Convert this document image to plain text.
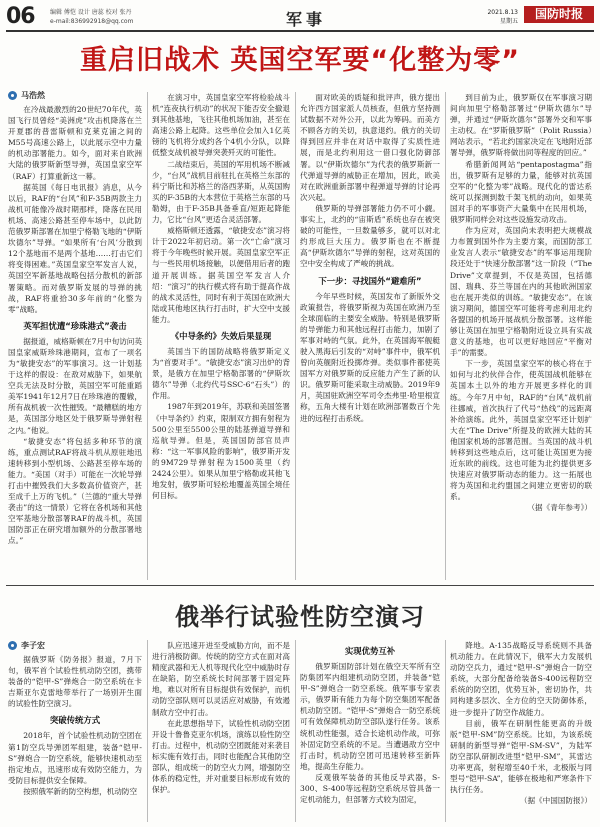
06	编辑 傅恺 设计 唐蕊 校对 张丹
e-mail:836992918@qq.com	军事	2021.8.13
星期五
国防时报
重启旧战术 英国空军要“化整为零”
马浩然

在冷战最激烈的20世纪70年代，英国飞行员曾经“美洲虎”攻击机降落在兰开夏郡的普雷斯顿和克莱克浦之间的M55号高速公路上，以此展示空中力量的机动部署能力。如今，面对来自欧洲大陆的俄罗斯新型导弹，英国皇家空军（RAF）打算重新这一幕。

据英国《每日电讯报》消息，从今以后，RAF的“台风”和F-35B两款主力战机可能像冷战时期那样，降落在民用机场、高速公路甚至停车场中，以此防范俄罗斯部署在加里宁格勒飞地的“伊斯坎德尔”导弹。“如果所有‘台风’分散到12个基地而不是两个基地……打击它们将变得困难。”英国皇家空军发言人说，英国空军新基地战略包括分散机的新部署策略。而对俄罗斯发展的导弹的挑战，RAF将重拾30多年前的“化整为零”战略。

英军担忧遭“珍珠港式”袭击

据报道，威格斯顿在7月中旬访问英国皇家威斯珍珠港期间，宣布了一项名为“敏捷安态”的军事演习。这一计划基于这样的假设：在敌对威胁下，如果航空兵无法及时分散，英国空军可能重蹈美军1941年12月7日在珍珠港的覆辙，所有战机被一次性摧毁。“最糟糕的地方是，英国部分地区处于俄罗斯导弹射程之内。”他说。

“敏捷安态”将包括多种环节的演练，重点测试RAF将战斗机从原驻地迅速转移到小型机场、公路甚至停车场的能力。“美国（对手）可能在一次轮导弹打击中摧毁我们大多数高价值资产，甚至成千上万的飞机。”（兰德的“重大导弹袭击”的这一情景）它将在各机场和其他空军基地分散部署RAF的战斗机，英国国防部正在研究增加额外的分散部署地点。”

在演习中，英国皇家空军将检验战斗机“连夜执行机动”的状况下能否安全撤退到其他基地，飞往其他机场加油，甚至在高速公路上起降。这些单位会加入1亿英镑的飞机将分成约各个4机小分队，以降低整支战机被导弹突袭歼灭的可能性。

二战结束后，英国的军用机场不断减少，“台风”战机目前驻扎在英格兰东部的科宁斯比和苏格兰的洛西茅斯，从英国购买的F-35B的大本营位于英格兰东部的马勒姆，由于F-35B具备垂直/短距起降能力，它比“台风”更适合灵活部署。

威格斯顿还透露，“敏捷安态”演习将计于2022年初启动。第一次“亡命”演习将于今年晚些时候开展。英国皇家空军正与一些民用机场接触，以便借用后者的跑道开展训练。据英国空军发言人介绍：“演习”的执行模式将有助于提高作战的战术灵活性，同时有利于英国在欧洲大陆或其他地区执行打击时，扩大空中支援能力。

《中导条约》失效后果显现

英国当下的国防战略将俄罗斯定义为“首要对手”。“敏捷安态”演习出炉的背景，是俄方在加里宁格勒部署的“伊斯坎德尔”导弹（北约代号SSC-6“石头”）的作用。

1987年到2019年，苏联和美国签署《中导条约》约束，限制双方拥有射程为500公里至5500公里的陆基弹道导弹和巡航导弹。但是，英国国防部官员声称：“这一军事风险的影响”，俄罗斯开发的9M729导弹射程为1500英里（约2424公里）。如果从加里宁格勒或其他飞地发射，俄罗斯可轻松地覆盖英国全境任何目标。

面对欧美的质疑和批评声，俄方提出允许西方国家派人员核查，但俄方坚持测试数据不对外公开，以此为筹码。而美方不顾各方的关切，执意退约。俄方的关切得到回应并非在对话中取得了实质性进展，而是北约利用这一借口强化防御部署。以“伊斯坎德尔”为代表的俄罗斯新一代弹道导弹的威胁正在增加，因此，欧美对在欧洲重新部署中程弹道导弹的讨论再次兴起。

俄罗斯的导弹部署能力仍不可小觑。事实上，北约的“宙斯盾”系统也存在被突破的可能性，一旦数量够多，就可以对北约形成巨大压力。俄罗斯也在不断提高“伊斯坎德尔”导弹的射程，这对英国的空中安全构成了严峻的挑战。

下一步：寻找国外“避难所”

今年早些时候，英国发布了新版外交政策报告，将俄罗斯视为英国在欧洲乃至全球面临的主要安全威胁。特别是俄罗斯的导弹能力和其他远程打击能力，加剧了军事对峙的气氛。此外，在英国海军舰艇驶入黑海后引发的“对峙”事件中，俄军机曾向英舰附近投掷炸弹。类似事件都使英国军方对俄罗斯的反应能力产生了新的认识。俄罗斯可能采取主动威胁。2019年9月，英国驻欧洲空军司令杰弗里·哈里根宣称，五角大楼有计划在欧洲部署数百个先进的远程打击系统。

到目前为止，俄罗斯仅在军事演习期间向加里宁格勒部署过“伊斯坎德尔”导弹，并通过“伊斯坎德尔”部署外交和军事主动权。在“罗斯俄罗斯”（Polit Russia）网站表示，“若北约国家决定在飞地附近部署导弹，俄罗斯将做出同等程度的回应。”

希腊新闻网站“pentapostagma”指出，俄罗斯有足够的力量，能够对抗英国空军的“化整为零”战略。现代化的雷达系统可以探测到数千架飞机的动向，如果英国对手的军事资产大量集中在民用机场，俄罗斯同样会对这些设施发动攻击。

作为应对，英国尚未表明把大规模战力布置到国外作为主要方案，而国防部工业发言人表示“敏捷安态”的军事运用现阶段还处于“快速分散部署”这一阶段（“The Drive”文章提到，不仅是英国，包括德国、瑞典、芬兰等国在内的其他欧洲国家也在展开类似的训练。“敏捷安态”。在该演习期间，德国空军可能将考虑利用北约各盟国的机场开展战机分散部署。这样能够让英国在加里宁格勒附近设立具有实战意义的基地，也可以更好地回应“平衡对手”的需要。

下一步，英国皇家空军的核心将在于如何与北约伙伴合作，使英国战机能够在英国本土以外的地方开展更多样化的训练。今年7月中旬，RAF的“台风”战机前往挪威，首次执行了代号“热线”的远距离补给演练。此外，英国皇家空军还计划扩大在“The Drive”所提及的欧洲大陆的其他国家机场的部署范围。当英国的战斗机转移到这些地点后，这可能让英国更为接近东欧的前线。这也可能为北约提供更多快速应对俄罗斯动态的能力。这一拓展也将为英国和北约盟国之间建立更密切的联系。

（据《青年参考》）
俄举行试验性防空演习
李子宏

据俄罗斯《防务报》报道，7月下旬，俄军首个试验性机动防空团，携带装备的“铠甲-S”弹炮合一防空系统在卡吉斯亚尔克雷地带举行了一场别开生面的试验性防空演习。

突破传统方式

2018年，首个试验性机动防空团在第1防空兵导弹团军组建，装备“铠甲-S”弹炮合一防空系统，能够快速机动至指定地点，迅速形成有效防空能力，为受防目标提供安全保障。

按照俄军新的防空构想，机动防空

队应迅速开进至受威胁方向，而不是进行消极防御。传统的防空方式在面对高精度武器和无人机等现代化空中威胁时存在缺陷，防空系统长时间部署于固定阵地，难以对所有目标提供有效保护，而机动防空部队则可以灵活应对威胁，有效遏制敌方空中打击。

在此思想指导下，试验性机动防空团开设十鲁鲁克亚尔机场，演练以验性防空打击。过程中，机动防空团既能对来袭目标实施有效打击，同时也能配合其他防空部队，组成统一的防空火力网，增强防空体系的稳定性，并对重要目标形成有效的保护。

实现优势互补

俄罗斯国防部计划在俄空天军所有空防集团军内组建机动防空团，并装备“铠甲-S”弹炮合一防空系统。俄军事专家表示，俄罗斯有能力为每个防空集团军配备机动防空团。“铠甲-S”弹炮合一防空系统可有效保障机动防空部队遂行任务。该系统机动性能强，适合长途机动作战，可弥补固定防空系统的不足。当遭遇敌方空中打击时，机动防空团可迅速转移至新阵地，提高生存能力。

反观俄军装备的其他反导武器，S-300、S-400等远程防空系统尽管具备一定机动能力，但部署方式较为固定，

降地。A-135战略反导系统则不具备机动能力。在此情况下，俄军大力发展机动防空兵力，通过“铠甲-S”弹炮合一防空系统，大部分配备给装备S-400远程防空系统的防空团，优势互补，密切协作，共同构建多层次、全方位的空天防御体系，进一步提升了防空作战能力。

目前，俄军在研制性能更高的升级版“铠甲-SM”防空系统。比如，为该系统研制的新型导弹“铠甲-SM-SV”，为陆军防空部队研制改进型“铠甲-SM”，其雷达功率更高，射程增至40千米，北极版与同型号“铠甲-SA”，能够在极地和严寒条件下执行任务。

（据《中国国防报》）
